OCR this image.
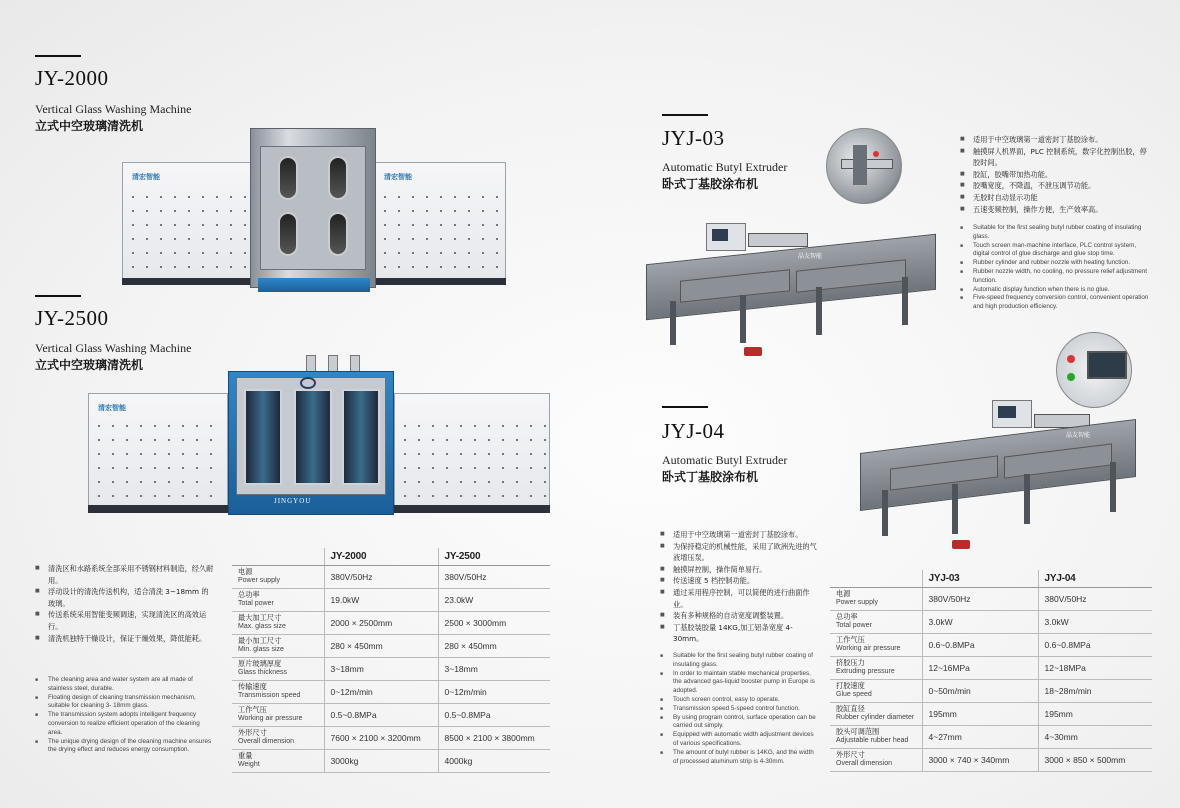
JY-2000
Vertical Glass Washing Machine
立式中空玻璃清洗机
清宏智能	清宏智能
JY-2500
Vertical Glass Washing Machine
立式中空玻璃清洗机
清宏智能
JINGYOU
■ 清洗区和水路系统全部采用不锈钢材料制造，经久耐用。
■ 浮动设计的清洗传送机构，适合清洗 3~18mm 的玻璃。
■ 传送系统采用智能变频调速，实现清洗区的高效运行。
■ 清洗机独特干燥设计，保证干燥效果，降低能耗。
■ The cleaning area and water system are all made of stainless steel, durable.
■ Floating design of cleaning transmission mechanism, suitable for cleaning 3- 18mm glass.
■ The transmission system adopts intelligent frequency conversion to realize efficient operation of the cleaning area.
■ The unique drying design of the cleaning machine ensures the drying effect and reduces energy consumption.
	JY-2000	JY-2500

电源
Power supply	380V/50Hz	380V/50Hz

总功率
Total power	19.0kW	23.0kW

最大加工尺寸
Max. glass size	2000 × 2500mm	2500 × 3000mm

最小加工尺寸
Min. glass size	280 × 450mm	280 × 450mm

原片玻璃厚度
Glass thickness	3~18mm	3~18mm

传输速度
Transmission speed	0~12m/min	0~12m/min

工作气压
Working air pressure	0.5~0.8MPa	0.5~0.8MPa

外形尺寸
Overall dimension	7600 × 2100 × 3200mm	8500 × 2100 × 3800mm

重量
Weight	3000kg	4000kg
JYJ-03
Automatic Butyl Extruder
卧式丁基胶涂布机
■ 适用于中空玻璃第一道密封丁基胶涂布。
■ 触摸屏人机界面，PLC 控制系统，数字化控制出胶，停胶时间。
■ 胶缸，胶嘴带加热功能。
■ 胶嘴宽度，不降温，不泄压调节功能。
■ 无胶时自动显示功能
■ 五速变频控制，操作方便，生产效率高。
■ Suitable for the first sealing butyl rubber coating of insulating glass.
■ Touch screen man-machine interface, PLC control system, digital control of glue discharge and glue stop time.
■ Rubber cylinder and rubber nozzle with heating function.
■ Rubber nozzle width, no cooling, no pressure relief adjustment function.
■ Automatic display function when there is no glue.
■ Five-speed frequency conversion control, convenient operation and high production efficiency.
晶友智能
JYJ-04
Automatic Butyl Extruder
卧式丁基胶涂布机
晶友智能
■ 适用于中空玻璃第一道密封丁基胶涂布。
■ 为保持稳定的机械性能，采用了欧洲先进的气液增压泵。
■ 触摸屏控制，操作简单易行。
■ 传送速度 5 档控制功能。
■ 通过采用程序控制，可以简便的进行曲面作业。
■ 装有多种规格的自动宽度调整装置。
■ 丁基胶装胶量 14KG,加工铝条宽度 4-30mm。
■ Suitable for the first sealing butyl rubber coating of insulating glass.
■ In order to maintain stable mechanical properties, the advanced gas-liquid booster pump in Europe is adopted.
■ Touch screen control, easy to operate.
■ Transmission speed 5-speed control function.
■ By using program control, surface operation can be carried out simply.
■ Equipped with automatic width adjustment devices of various specifications.
■ The amount of butyl rubber is 14KG, and the width of processed aluminum strip is 4-30mm.
	JYJ-03	JYJ-04

电源
Power supply	380V/50Hz	380V/50Hz

总功率
Total power	3.0kW	3.0kW

工作气压
Working air pressure	0.6~0.8MPa	0.6~0.8MPa

挤胶压力
Extruding pressure	12~16MPa	12~18MPa

打胶速度
Glue speed	0~50m/min	18~28m/min

胶缸直径
Rubber cylinder diameter	195mm	195mm

胶头可调范围
Adjustable rubber head	4~27mm	4~30mm

外形尺寸
Overall dimension	3000 × 740 × 340mm	3000 × 850 × 500mm
